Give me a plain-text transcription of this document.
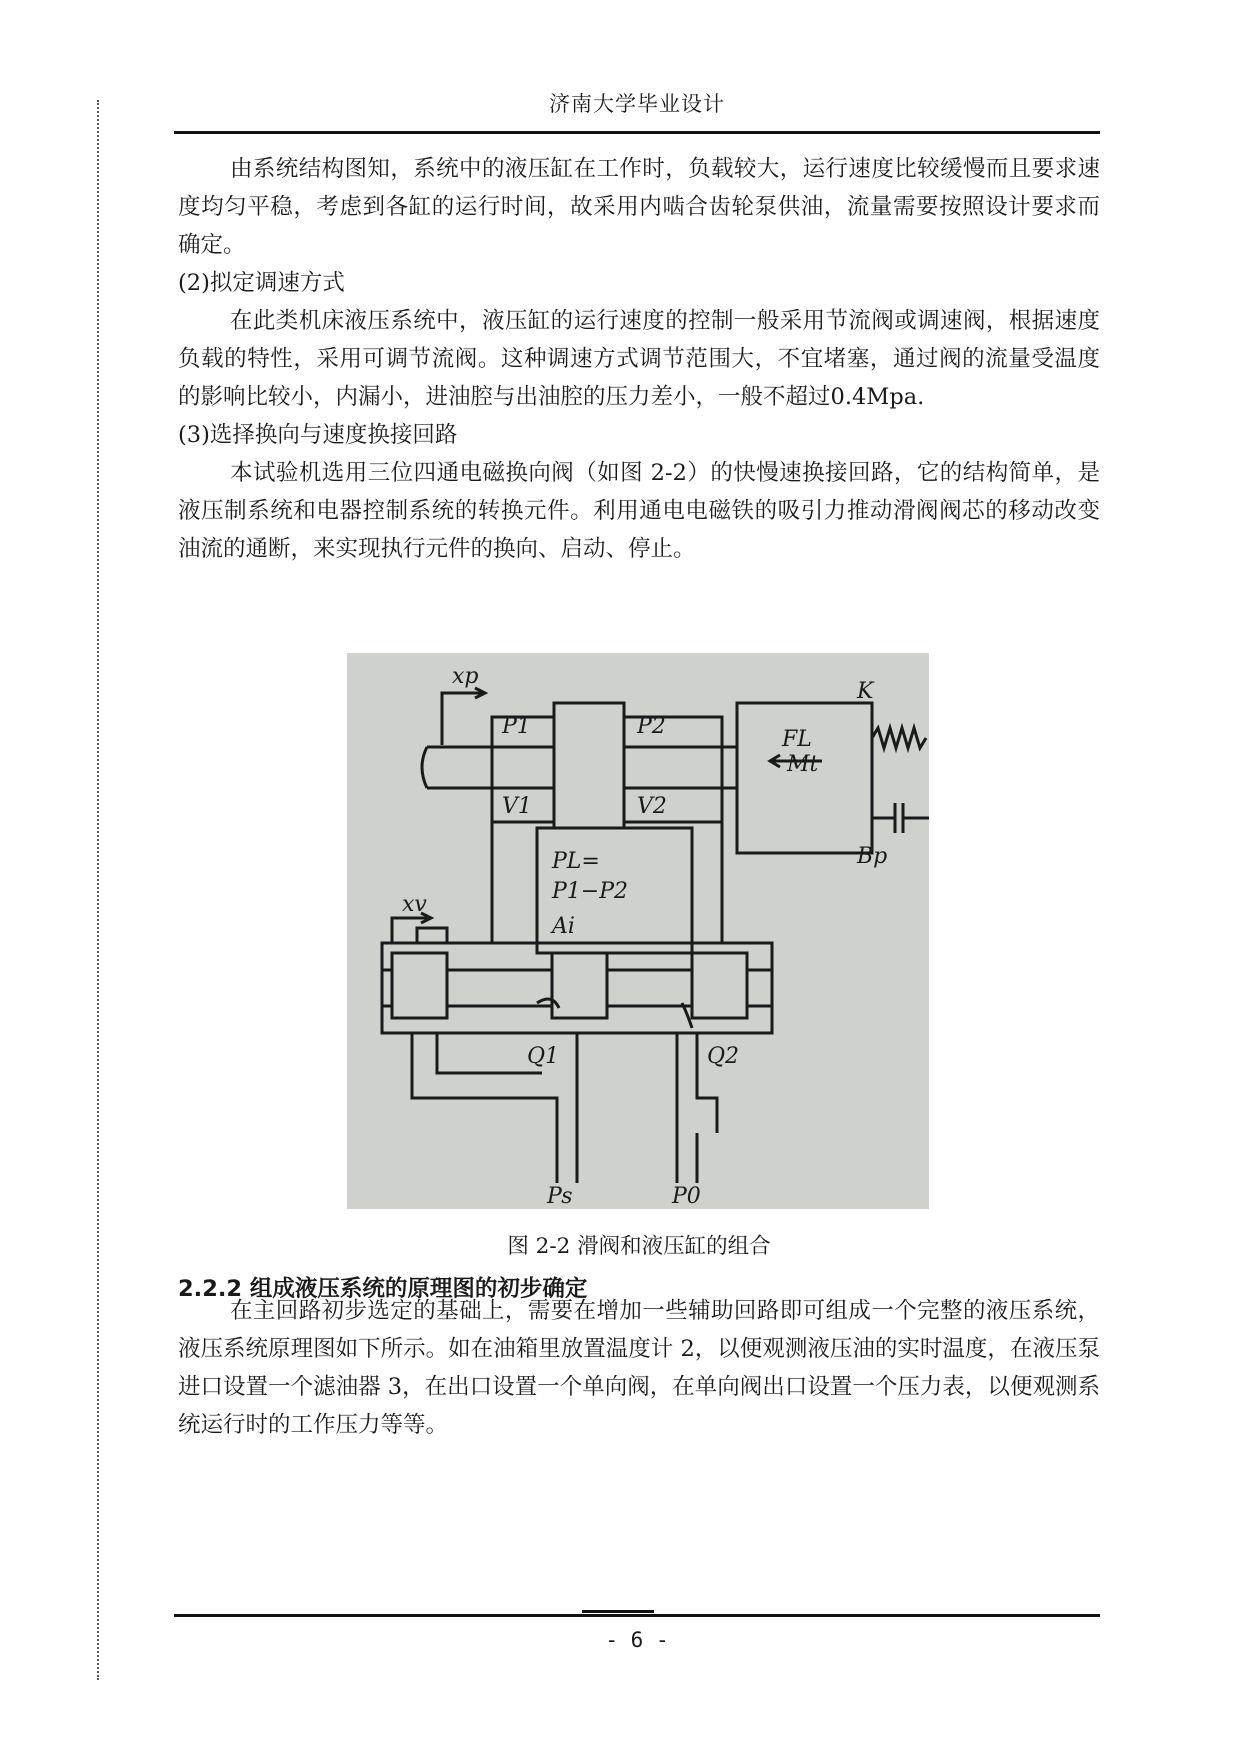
济南大学毕业设计

由系统结构图知，系统中的液压缸在工作时，负载较大，运行速度比较缓慢而且要求速度均匀平稳，考虑到各缸的运行时间，故采用内啮合齿轮泵供油，流量需要按照设计要求而确定。

(2)拟定调速方式

在此类机床液压系统中，液压缸的运行速度的控制一般采用节流阀或调速阀，根据速度负载的特性，采用可调节流阀。这种调速方式调节范围大，不宜堵塞，通过阀的流量受温度的影响比较小，内漏小，进油腔与出油腔的压力差小，一般不超过0.4Mpa.

(3)选择换向与速度换接回路

本试验机选用三位四通电磁换向阀（如图 2-2）的快慢速换接回路，它的结构简单，是液压制系统和电器控制系统的转换元件。利用通电电磁铁的吸引力推动滑阀阀芯的移动改变油流的通断，来实现执行元件的换向、启动、停止。

xp
P1	P2
K
Mt
FL
V1	V2
Bp
PL=
P1−P2
Ai
xv
Q1	Q2
Ps	P0
图 2-2 滑阀和液压缸的组合
2.2.2 组成液压系统的原理图的初步确定

在主回路初步选定的基础上，需要在增加一些辅助回路即可组成一个完整的液压系统，液压系统原理图如下所示。如在油箱里放置温度计 2，以便观测液压油的实时温度，在液压泵进口设置一个滤油器 3，在出口设置一个单向阀，在单向阀出口设置一个压力表，以便观测系统运行时的工作压力等等。

- 6 -
